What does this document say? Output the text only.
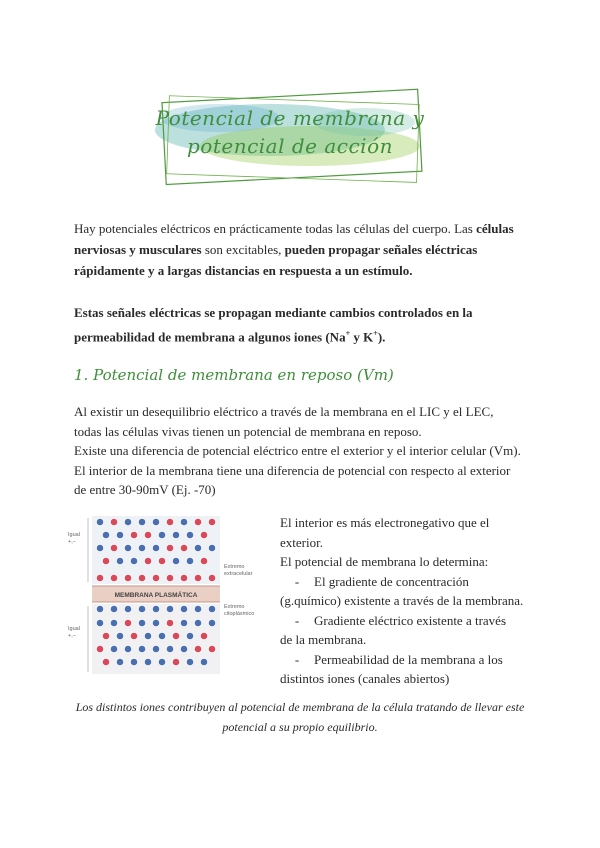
Potencial de membrana y
potencial de acción
Hay potenciales eléctricos en prácticamente todas las células del cuerpo. Las células nerviosas y musculares son excitables, pueden propagar señales eléctricas rápidamente y a largas distancias en respuesta a un estímulo.
Estas señales eléctricas se propagan mediante cambios controlados en la permeabilidad de membrana a algunos iones (Na+ y K+).
1. Potencial de membrana en reposo (Vm)
Al existir un desequilibrio eléctrico a través de la membrana en el LIC y el LEC,
todas las células vivas tienen un potencial de membrana en reposo.
Existe una diferencia de potencial eléctrico entre el exterior y el interior celular (Vm).
El interior de la membrana tiene una diferencia de potencial con respecto al exterior
de entre 30-90mV (Ej. -70)
MEMBRANA PLASMÁTICA
Igual
+,−
Igual
+,−
Extremo
extracelular
Extremo
citoplásmico
El interior es más electronegativo que el
exterior.
El potencial de membrana lo determina:
- El gradiente de concentración
(g.químico) existente a través de la membrana.
- Gradiente eléctrico existente a través
de la membrana.
- Permeabilidad de la membrana a los
distintos iones (canales abiertos)
Los distintos iones contribuyen al potencial de membrana de la célula tratando de llevar este
potencial a su propio equilibrio.
